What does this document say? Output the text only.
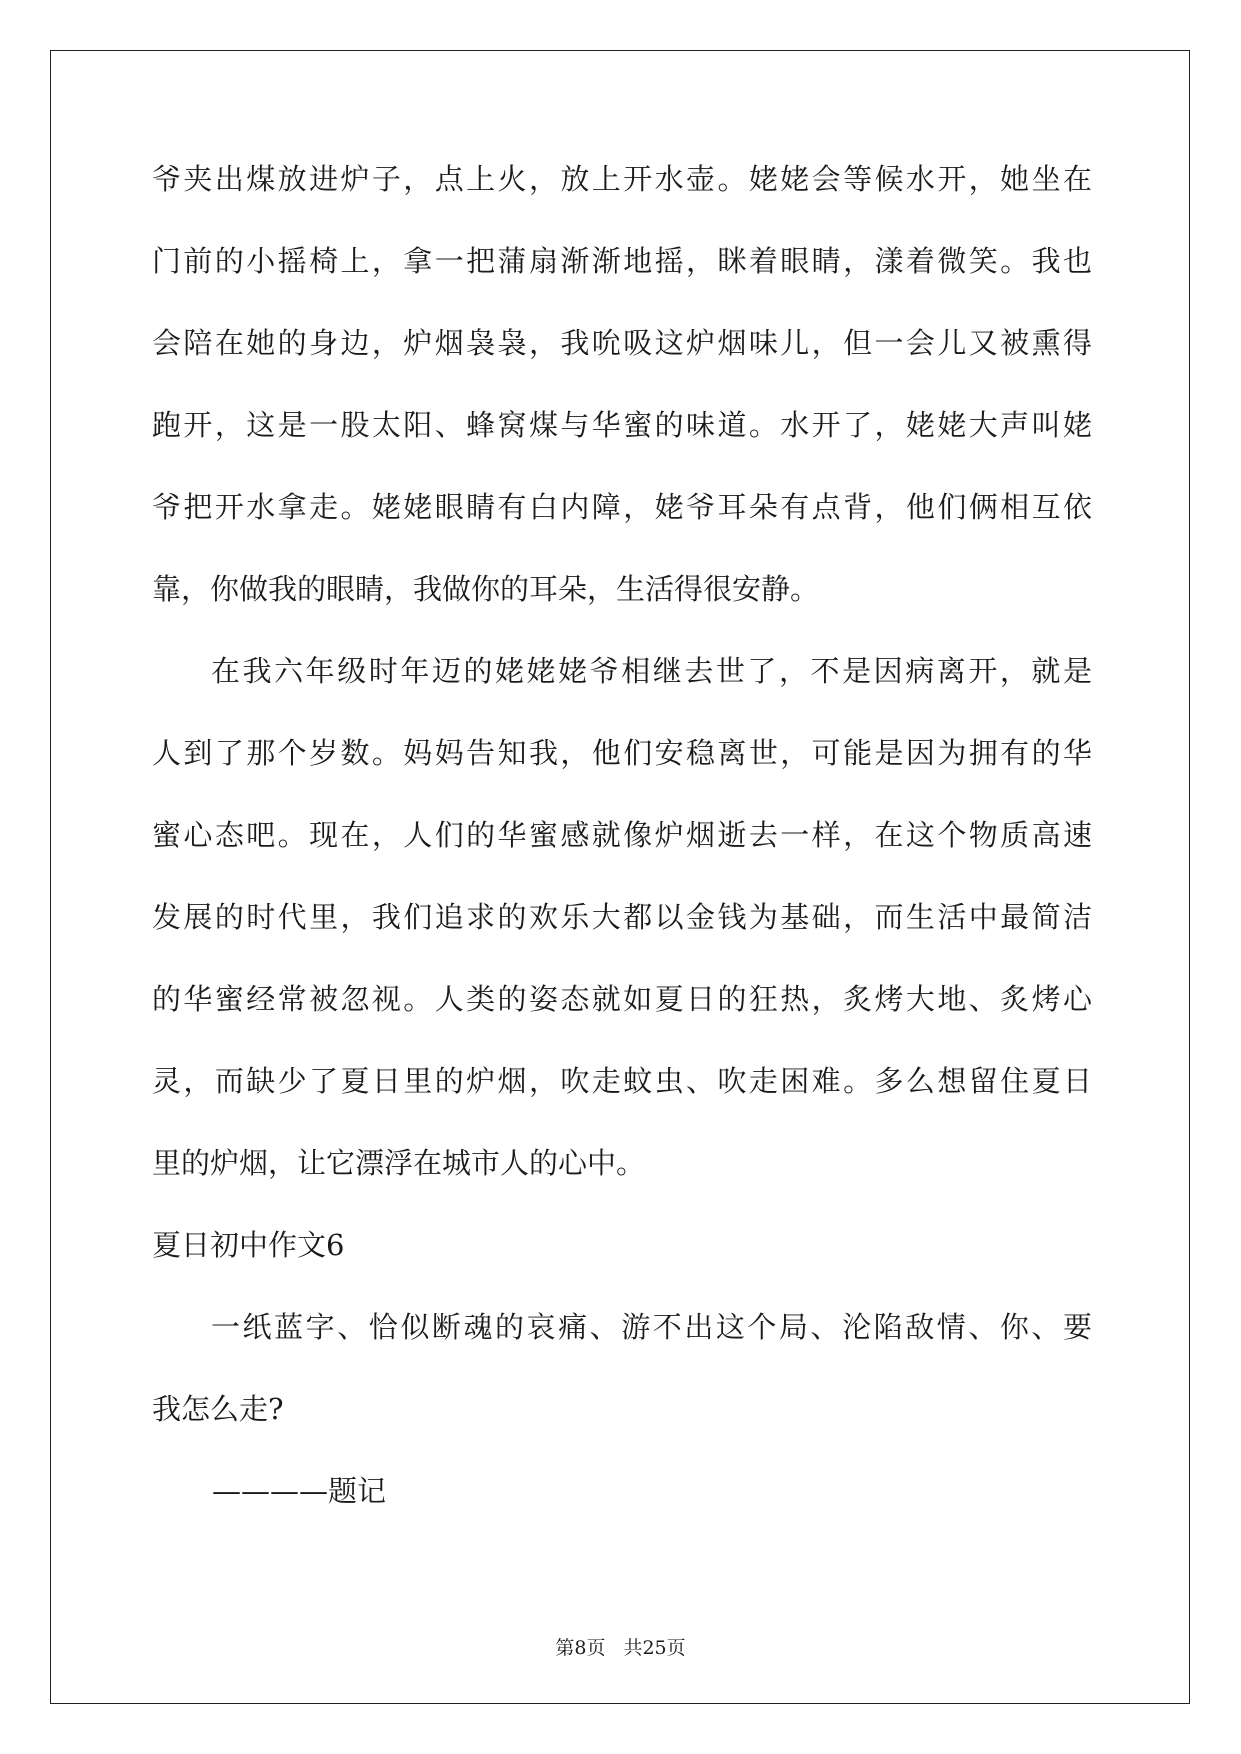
爷夹出煤放进炉子，点上火，放上开水壶。姥姥会等候水开，她坐在
门前的小摇椅上，拿一把蒲扇渐渐地摇，眯着眼睛，漾着微笑。我也
会陪在她的身边，炉烟袅袅，我吮吸这炉烟味儿，但一会儿又被熏得
跑开，这是一股太阳、蜂窝煤与华蜜的味道。水开了，姥姥大声叫姥
爷把开水拿走。姥姥眼睛有白内障，姥爷耳朵有点背，他们俩相互依
靠，你做我的眼睛，我做你的耳朵，生活得很安静。
在我六年级时年迈的姥姥姥爷相继去世了，不是因病离开，就是
人到了那个岁数。妈妈告知我，他们安稳离世，可能是因为拥有的华
蜜心态吧。现在，人们的华蜜感就像炉烟逝去一样，在这个物质高速
发展的时代里，我们追求的欢乐大都以金钱为基础，而生活中最简洁
的华蜜经常被忽视。人类的姿态就如夏日的狂热，炙烤大地、炙烤心
灵，而缺少了夏日里的炉烟，吹走蚊虫、吹走困难。多么想留住夏日
里的炉烟，让它漂浮在城市人的心中。
夏日初中作文6
一纸蓝字、恰似断魂的哀痛、游不出这个局、沦陷敌情、你、要
我怎么走?
————题记
第8页 共25页
